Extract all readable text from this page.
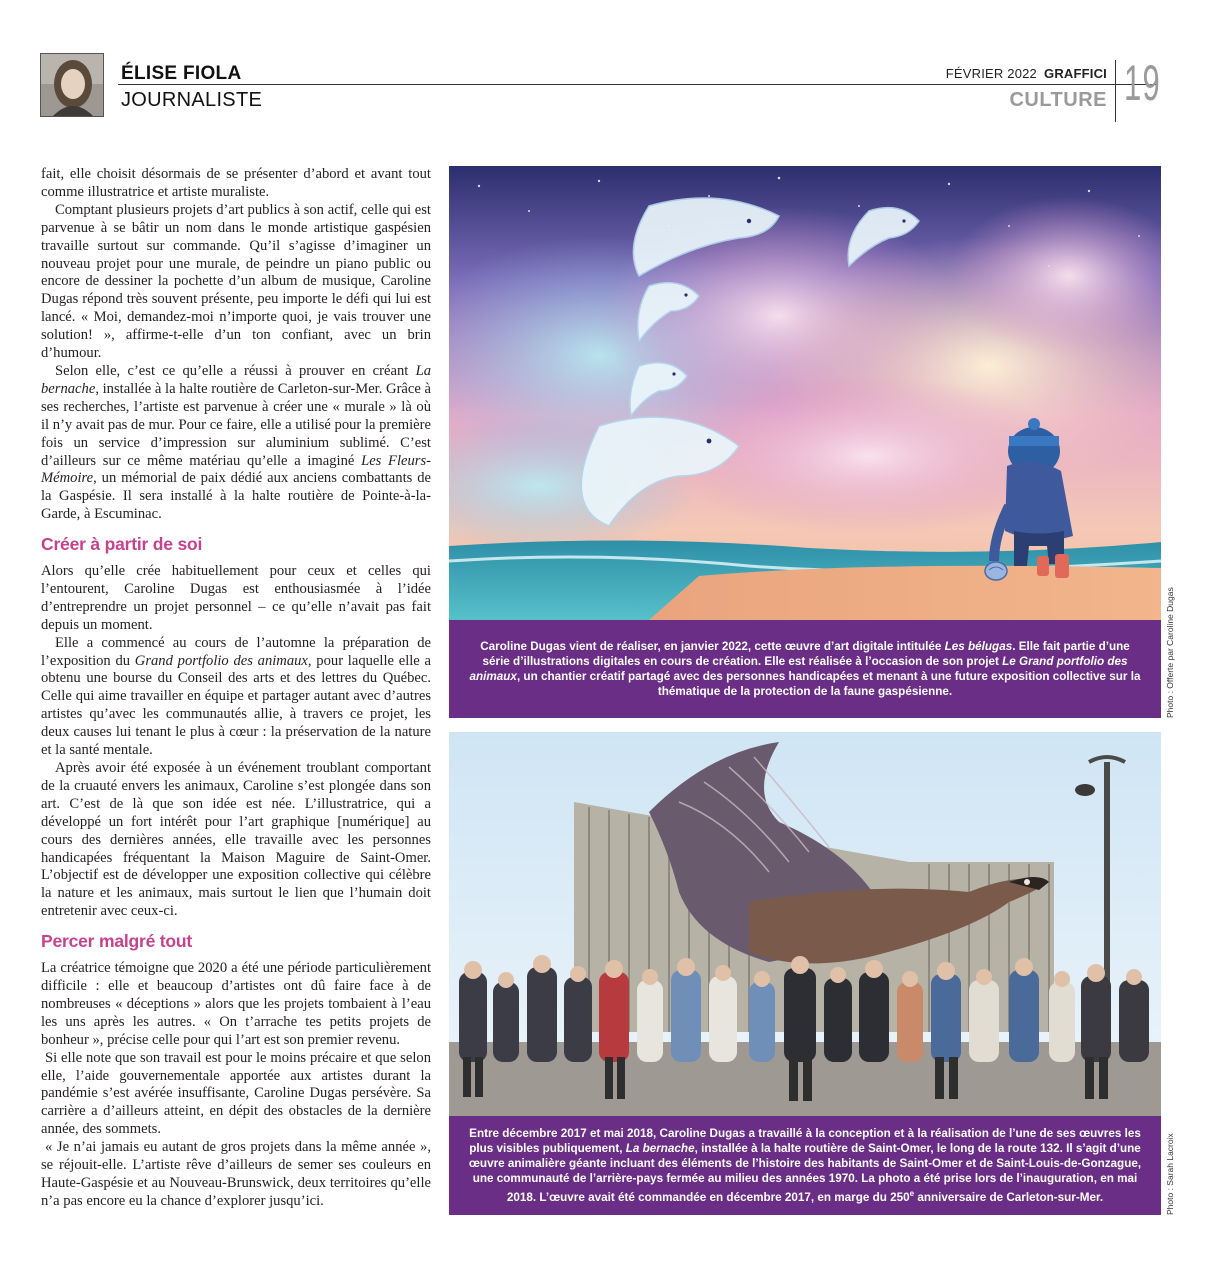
ÉLISE FIOLA
JOURNALISTE
FÉVRIER 2022 GRAFFICI
CULTURE 19

fait, elle choisit désormais de se présenter d’abord et avant tout comme illustratrice et artiste muraliste.

Comptant plusieurs projets d’art publics à son actif, celle qui est parvenue à se bâtir un nom dans le monde artistique gaspésien travaille surtout sur commande. Qu’il s’agisse d’imaginer un nouveau projet pour une murale, de peindre un piano public ou encore de dessiner la pochette d’un album de musique, Caroline Dugas répond très souvent présente, peu importe le défi qui lui est lancé. « Moi, demandez-moi n’importe quoi, je vais trouver une solution! », affirme-t-elle d’un ton confiant, avec un brin d’humour.

Selon elle, c’est ce qu’elle a réussi à prouver en créant La bernache, installée à la halte routière de Carleton-sur-Mer. Grâce à ses recherches, l’artiste est parvenue à créer une « murale » là où il n’y avait pas de mur. Pour ce faire, elle a utilisé pour la première fois un service d’impression sur aluminium sublimé. C’est d’ailleurs sur ce même matériau qu’elle a imaginé Les Fleurs-Mémoire, un mémorial de paix dédié aux anciens combattants de la Gaspésie. Il sera installé à la halte routière de Pointe-à-la-Garde, à Escuminac.

Créer à partir de soi

Alors qu’elle crée habituellement pour ceux et celles qui l’entourent, Caroline Dugas est enthousiasmée à l’idée d’entreprendre un projet personnel – ce qu’elle n’avait pas fait depuis un moment.

Elle a commencé au cours de l’automne la préparation de l’exposition du Grand portfolio des animaux, pour laquelle elle a obtenu une bourse du Conseil des arts et des lettres du Québec. Celle qui aime travailler en équipe et partager autant avec d’autres artistes qu’avec les communautés allie, à travers ce projet, les deux causes lui tenant le plus à cœur : la préservation de la nature et la santé mentale.

Après avoir été exposée à un événement troublant comportant de la cruauté envers les animaux, Caroline s’est plongée dans son art. C’est de là que son idée est née. L’illustratrice, qui a développé un fort intérêt pour l’art graphique [numérique] au cours des dernières années, elle travaille avec les personnes handicapées fréquentant la Maison Maguire de Saint-Omer. L’objectif est de développer une exposition collective qui célèbre la nature et les animaux, mais surtout le lien que l’humain doit entretenir avec ceux-ci.

Percer malgré tout

La créatrice témoigne que 2020 a été une période particulièrement difficile : elle et beaucoup d’artistes ont dû faire face à de nombreuses « déceptions » alors que les projets tombaient à l’eau les uns après les autres. « On t’arrache tes petits projets de bonheur », précise celle pour qui l’art est son premier revenu.

Si elle note que son travail est pour le moins précaire et que selon elle, l’aide gouvernementale apportée aux artistes durant la pandémie s’est avérée insuffisante, Caroline Dugas persévère. Sa carrière a d’ailleurs atteint, en dépit des obstacles de la dernière année, des sommets.

« Je n’ai jamais eu autant de gros projets dans la même année », se réjouit-elle. L’artiste rêve d’ailleurs de semer ses couleurs en Haute-Gaspésie et au Nouveau-Brunswick, deux territoires qu’elle n’a pas encore eu la chance d’explorer jusqu’ici.

Caroline Dugas vient de réaliser, en janvier 2022, cette œuvre d’art digitale intitulée Les bélugas. Elle fait partie d’une série d’illustrations digitales en cours de création. Elle est réalisée à l’occasion de son projet Le Grand portfolio des animaux, un chantier créatif partagé avec des personnes handicapées et menant à une future exposition collective sur la thématique de la protection de la faune gaspésienne.	Photo : Offerte par Caroline Dugas
Entre décembre 2017 et mai 2018, Caroline Dugas a travaillé à la conception et à la réalisation de l’une de ses œuvres les plus visibles publiquement, La bernache, installée à la halte routière de Saint-Omer, le long de la route 132. Il s’agit d’une œuvre animalière géante incluant des éléments de l’histoire des habitants de Saint-Omer et de Saint-Louis-de-Gonzague, une communauté de l’arrière-pays fermée au milieu des années 1970. La photo a été prise lors de l’inauguration, en mai 2018. L’œuvre avait été commandée en décembre 2017, en marge du 250e anniversaire de Carleton-sur-Mer.	Photo : Sarah Lacroix
